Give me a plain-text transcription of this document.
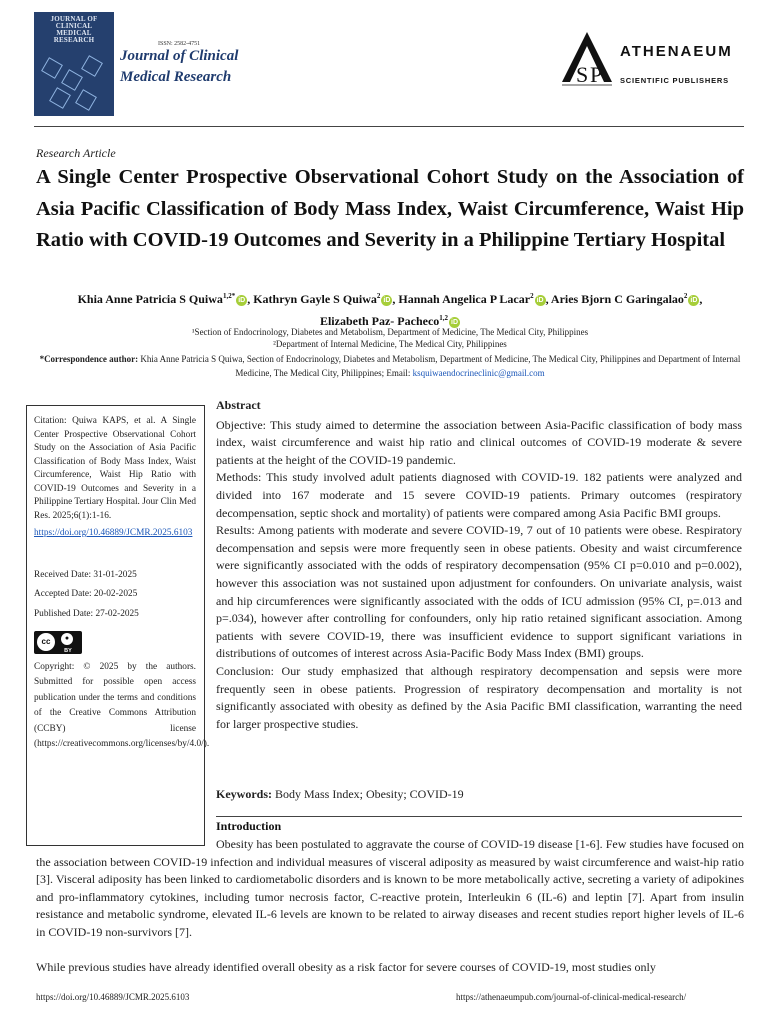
JOURNAL OF CLINICAL MEDICAL RESEARCH	ISSN: 2582-4751
Journal of Clinical
Medical Research	S P
ATHENAEUM
SCIENTIFIC PUBLISHERS
Research Article
A Single Center Prospective Observational Cohort Study on the Association of Asia Pacific Classification of Body Mass Index, Waist Circumference, Waist Hip Ratio with COVID-19 Outcomes and Severity in a Philippine Tertiary Hospital
Khia Anne Patricia S Quiwa$^{1,2*}$iD , Kathryn Gayle S Quiwa$^2$iD , Hannah Angelica P Lacar$^2$iD , Aries Bjorn C Garingalao$^2$iD ,
Elizabeth Paz- Pacheco$^{1,2}$iD
¹Section of Endocrinology, Diabetes and Metabolism, Department of Medicine, The Medical City, Philippines
²Department of Internal Medicine, The Medical City, Philippines
*Correspondence author: Khia Anne Patricia S Quiwa, Section of Endocrinology, Diabetes and Metabolism, Department of Medicine, The Medical City, Philippines and Department of Internal Medicine, The Medical City, Philippines; Email: ksquiwaendocrineclinic@gmail.com

Citation: Quiwa KAPS, et al. A Single Center Prospective Observational Cohort Study on the Association of Asia Pacific Classification of Body Mass Index, Waist Circumference, Waist Hip Ratio with COVID-19 Outcomes and Severity in a Philippine Tertiary Hospital. Jour Clin Med Res. 2025;6(1):1-16.

https://doi.org/10.46889/JCMR.2025.6103
Received Date: 31-01-2025
Accepted Date: 20-02-2025
Published Date: 27-02-2025
cc	●
BY

Copyright: © 2025 by the authors. Submitted for possible open access publication under the terms and conditions of the Creative Commons Attribution (CCBY) license (https://creativecommons.org/licenses/by/4.0/).

Abstract

Objective: This study aimed to determine the association between Asia-Pacific classification of body mass index, waist circumference and waist hip ratio and clinical outcomes of COVID-19 moderate & severe patients at the height of the COVID-19 pandemic.

Methods: This study involved adult patients diagnosed with COVID-19. 182 patients were analyzed and divided into 167 moderate and 15 severe COVID-19 patients. Primary outcomes (respiratory decompensation, septic shock and mortality) of patients were compared among Asia Pacific BMI groups.

Results: Among patients with moderate and severe COVID-19, 7 out of 10 patients were obese. Respiratory decompensation and sepsis were more frequently seen in obese patients. Obesity and waist circumference were significantly associated with the odds of respiratory decompensation (95% CI p=0.010 and p=0.002), however this association was not sustained upon adjustment for confounders. On univariate analysis, waist and hip circumferences were significantly associated with the odds of ICU admission (95% CI, p=.013 and p=.034), however after controlling for confounders, only hip ratio retained significant association. Among patients with severe COVID-19, there was insufficient evidence to support significant variations in distributions of outcomes of interest across Asia-Pacific Body Mass Index (BMI) groups.

Conclusion: Our study emphasized that although respiratory decompensation and sepsis were more frequently seen in obese patients. Progression of respiratory decompensation and mortality is not significantly associated with obesity as defined by the Asia Pacific BMI classification, warranting the need for larger prospective studies.

Keywords: Body Mass Index; Obesity; COVID-19
Introduction

Obesity has been postulated to aggravate the course of COVID-19 disease [1-6]. Few studies have focused on the association between COVID-19 infection and individual measures of visceral adiposity as measured by waist circumference and waist-hip ratio [3]. Visceral adiposity has been linked to cardiometabolic disorders and is known to be more metabolically active, secreting a variety of adipokines and pro-inflammatory cytokines, including tumor necrosis factor, C-reactive protein, Interleukin 6 (IL-6) and leptin [7]. Apart from insulin resistance and metabolic syndrome, elevated IL-6 levels are known to be related to airway diseases and recent studies report higher levels of IL-6 in COVID-19 non-survivors [7].

While previous studies have already identified overall obesity as a risk factor for severe courses of COVID-19, most studies only

https://doi.org/10.46889/JCMR.2025.6103	https://athenaeumpub.com/journal-of-clinical-medical-research/
